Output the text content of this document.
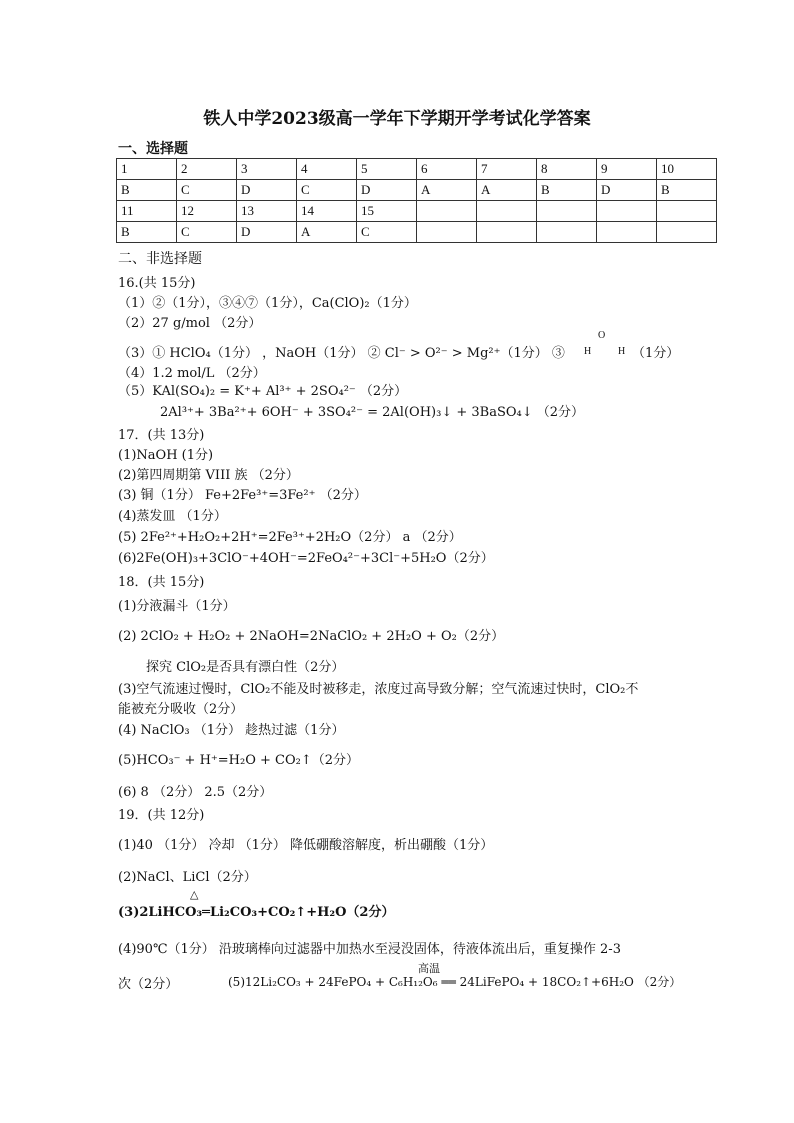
铁人中学2023级高一学年下学期开学考试化学答案
一、选择题
1	2	3	4	5	6	7	8	9	10
B	C	D	C	D	A	A	B	D	B
11	12	13	14	15					
B	C	D	A	C					
二、非选择题
16.(共 15分)
（1）②（1分），③④⑦（1分），Ca(ClO)₂（1分）
（2）27 g/mol （2分）
（3）① HClO₄（1分） ，NaOH（1分） ② Cl⁻ > O²⁻ > Mg²⁺（1分） ③
O
H	H （1分）
（4）1.2 mol/L （2分）
（5）KAl(SO₄)₂ = K⁺+ Al³⁺ + 2SO₄²⁻ （2分）
2Al³⁺+ 3Ba²⁺+ 6OH⁻ + 3SO₄²⁻ = 2Al(OH)₃↓ + 3BaSO₄↓ （2分）
17．(共 13分)
(1)NaOH (1分)
(2)第四周期第 VIII 族 （2分）
(3) 铜（1分） Fe+2Fe³⁺=3Fe²⁺ （2分）
(4)蒸发皿 （1分）
(5) 2Fe²⁺+H₂O₂+2H⁺=2Fe³⁺+2H₂O（2分） a （2分）
(6)2Fe(OH)₃+3ClO⁻+4OH⁻=2FeO₄²⁻+3Cl⁻+5H₂O（2分）
18．(共 15分)
(1)分液漏斗（1分）
(2) 2ClO₂ + H₂O₂ + 2NaOH=2NaClO₂ + 2H₂O + O₂（2分）
探究 ClO₂是否具有漂白性（2分）
(3)空气流速过慢时，ClO₂不能及时被移走，浓度过高导致分解；空气流速过快时，ClO₂不
能被充分吸收（2分）
(4) NaClO₃ （1分） 趁热过滤（1分）
(5)HCO₃⁻ + H⁺=H₂O + CO₂↑（2分）
(6) 8 （2分） 2.5（2分）
19．(共 12分)
(1)40 （1分） 冷却 （1分） 降低硼酸溶解度，析出硼酸（1分）
(2)NaCl、LiCl（2分）
△
(3)2LiHCO₃═Li₂CO₃+CO₂↑+H₂O（2分）
(4)90℃（1分） 沿玻璃棒向过滤器中加热水至浸没固体，待液体流出后，重复操作 2-3
次（2分）
高温
(5)12Li₂CO₃ + 24FePO₄ + C₆H₁₂O₆ ══ 24LiFePO₄ + 18CO₂↑+6H₂O （2分）
